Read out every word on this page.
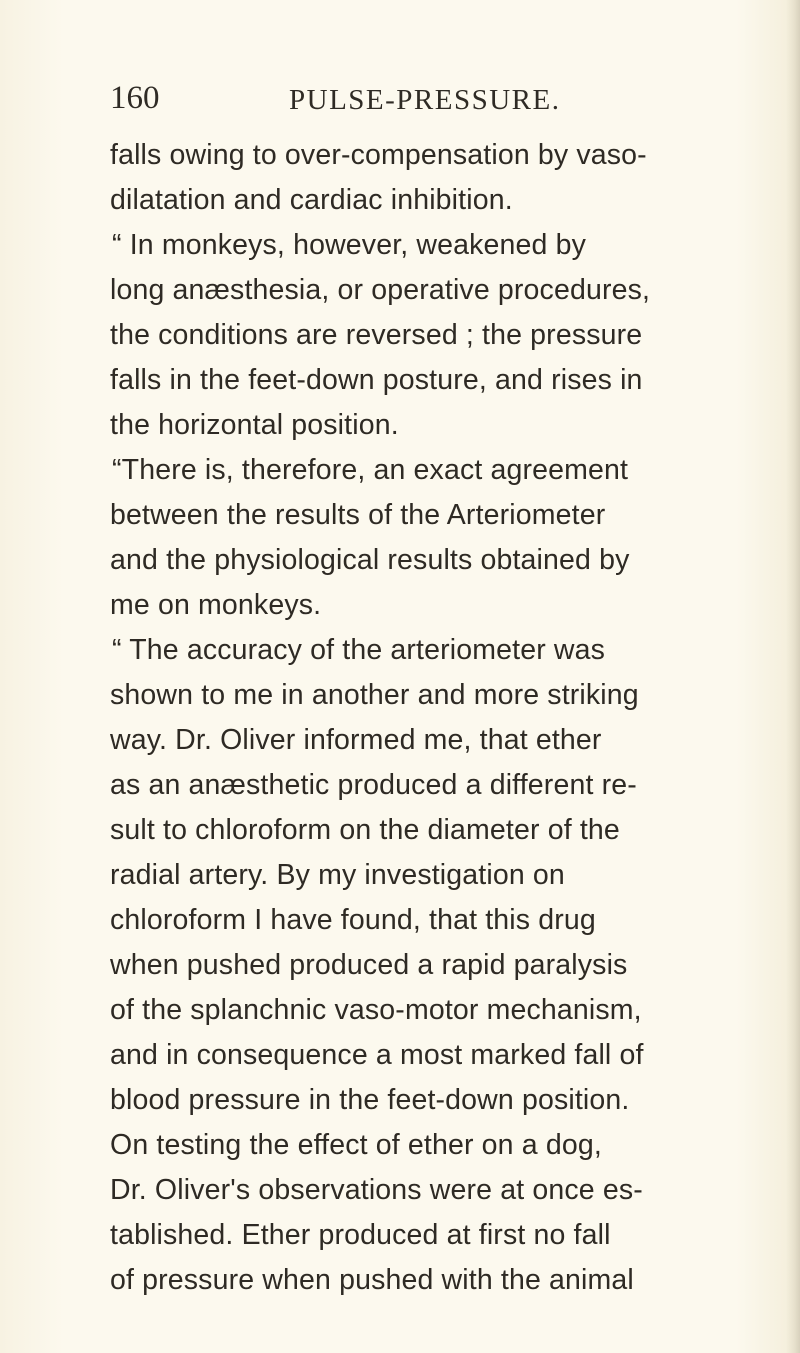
160	PULSE-PRESSURE.
falls owing to over-compensation by vaso-
dilatation and cardiac inhibition.
“ In monkeys, however, weakened by
long anæsthesia, or operative procedures,
the conditions are reversed ; the pressure
falls in the feet-down posture, and rises in
the horizontal position.
“There is, therefore, an exact agreement
between the results of the Arteriometer
and the physiological results obtained by
me on monkeys.
“ The accuracy of the arteriometer was
shown to me in another and more striking
way. Dr. Oliver informed me, that ether
as an anæsthetic produced a different re-
sult to chloroform on the diameter of the
radial artery. By my investigation on
chloroform I have found, that this drug
when pushed produced a rapid paralysis
of the splanchnic vaso-motor mechanism,
and in consequence a most marked fall of
blood pressure in the feet-down position.
On testing the effect of ether on a dog,
Dr. Oliver's observations were at once es-
tablished. Ether produced at first no fall
of pressure when pushed with the animal
